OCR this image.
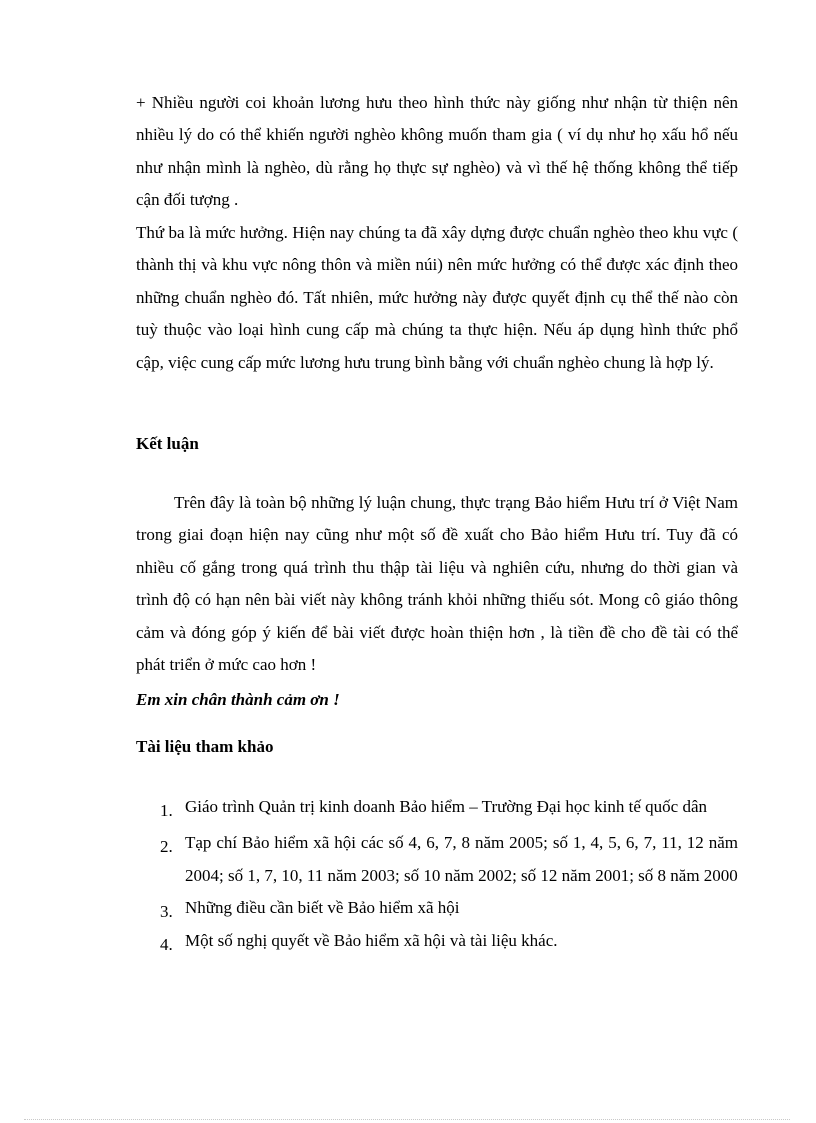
+ Nhiều người coi khoản lương hưu theo hình thức này giống như nhận từ thiện nên nhiều lý do có thể khiến người nghèo không muốn tham gia ( ví dụ như họ xấu hổ nếu như nhận mình là nghèo, dù rằng họ thực sự nghèo) và vì thế hệ thống không thể tiếp cận đối tượng .

Thứ ba là mức hưởng. Hiện nay chúng ta đã xây dựng được chuẩn nghèo theo khu vực ( thành thị và khu vực nông thôn và miền núi) nên mức hưởng có thể được xác định theo những chuẩn nghèo đó. Tất nhiên, mức hưởng này được quyết định cụ thể thế nào còn tuỳ thuộc vào loại hình cung cấp mà chúng ta thực hiện. Nếu áp dụng hình thức phổ cập, việc cung cấp mức lương hưu trung bình bằng với chuẩn nghèo chung là hợp lý.

Kết luận

Trên đây là toàn bộ những lý luận chung, thực trạng Bảo hiểm Hưu trí ở Việt Nam trong giai đoạn hiện nay cũng như một số đề xuất cho Bảo hiểm Hưu trí. Tuy đã có nhiều cố gắng trong quá trình thu thập tài liệu và nghiên cứu, nhưng do thời gian và trình độ có hạn nên bài viết này không tránh khỏi những thiếu sót. Mong cô giáo thông cảm và đóng góp ý kiến để bài viết được hoàn thiện hơn , là tiền đề cho đề tài có thể phát triển ở mức cao hơn !

Em xin chân thành cảm ơn !
Tài liệu tham khảo
1. Giáo trình Quản trị kinh doanh Bảo hiểm – Trường Đại học kinh tế quốc dân
2. Tạp chí Bảo hiểm xã hội các số 4, 6, 7, 8 năm 2005; số 1, 4, 5, 6, 7, 11, 12 năm 2004; số 1, 7, 10, 11 năm 2003; số 10 năm 2002; số 12 năm 2001; số 8 năm 2000
3. Những điều cần biết về Bảo hiểm xã hội
4. Một số nghị quyết về Bảo hiểm xã hội và tài liệu khác.
